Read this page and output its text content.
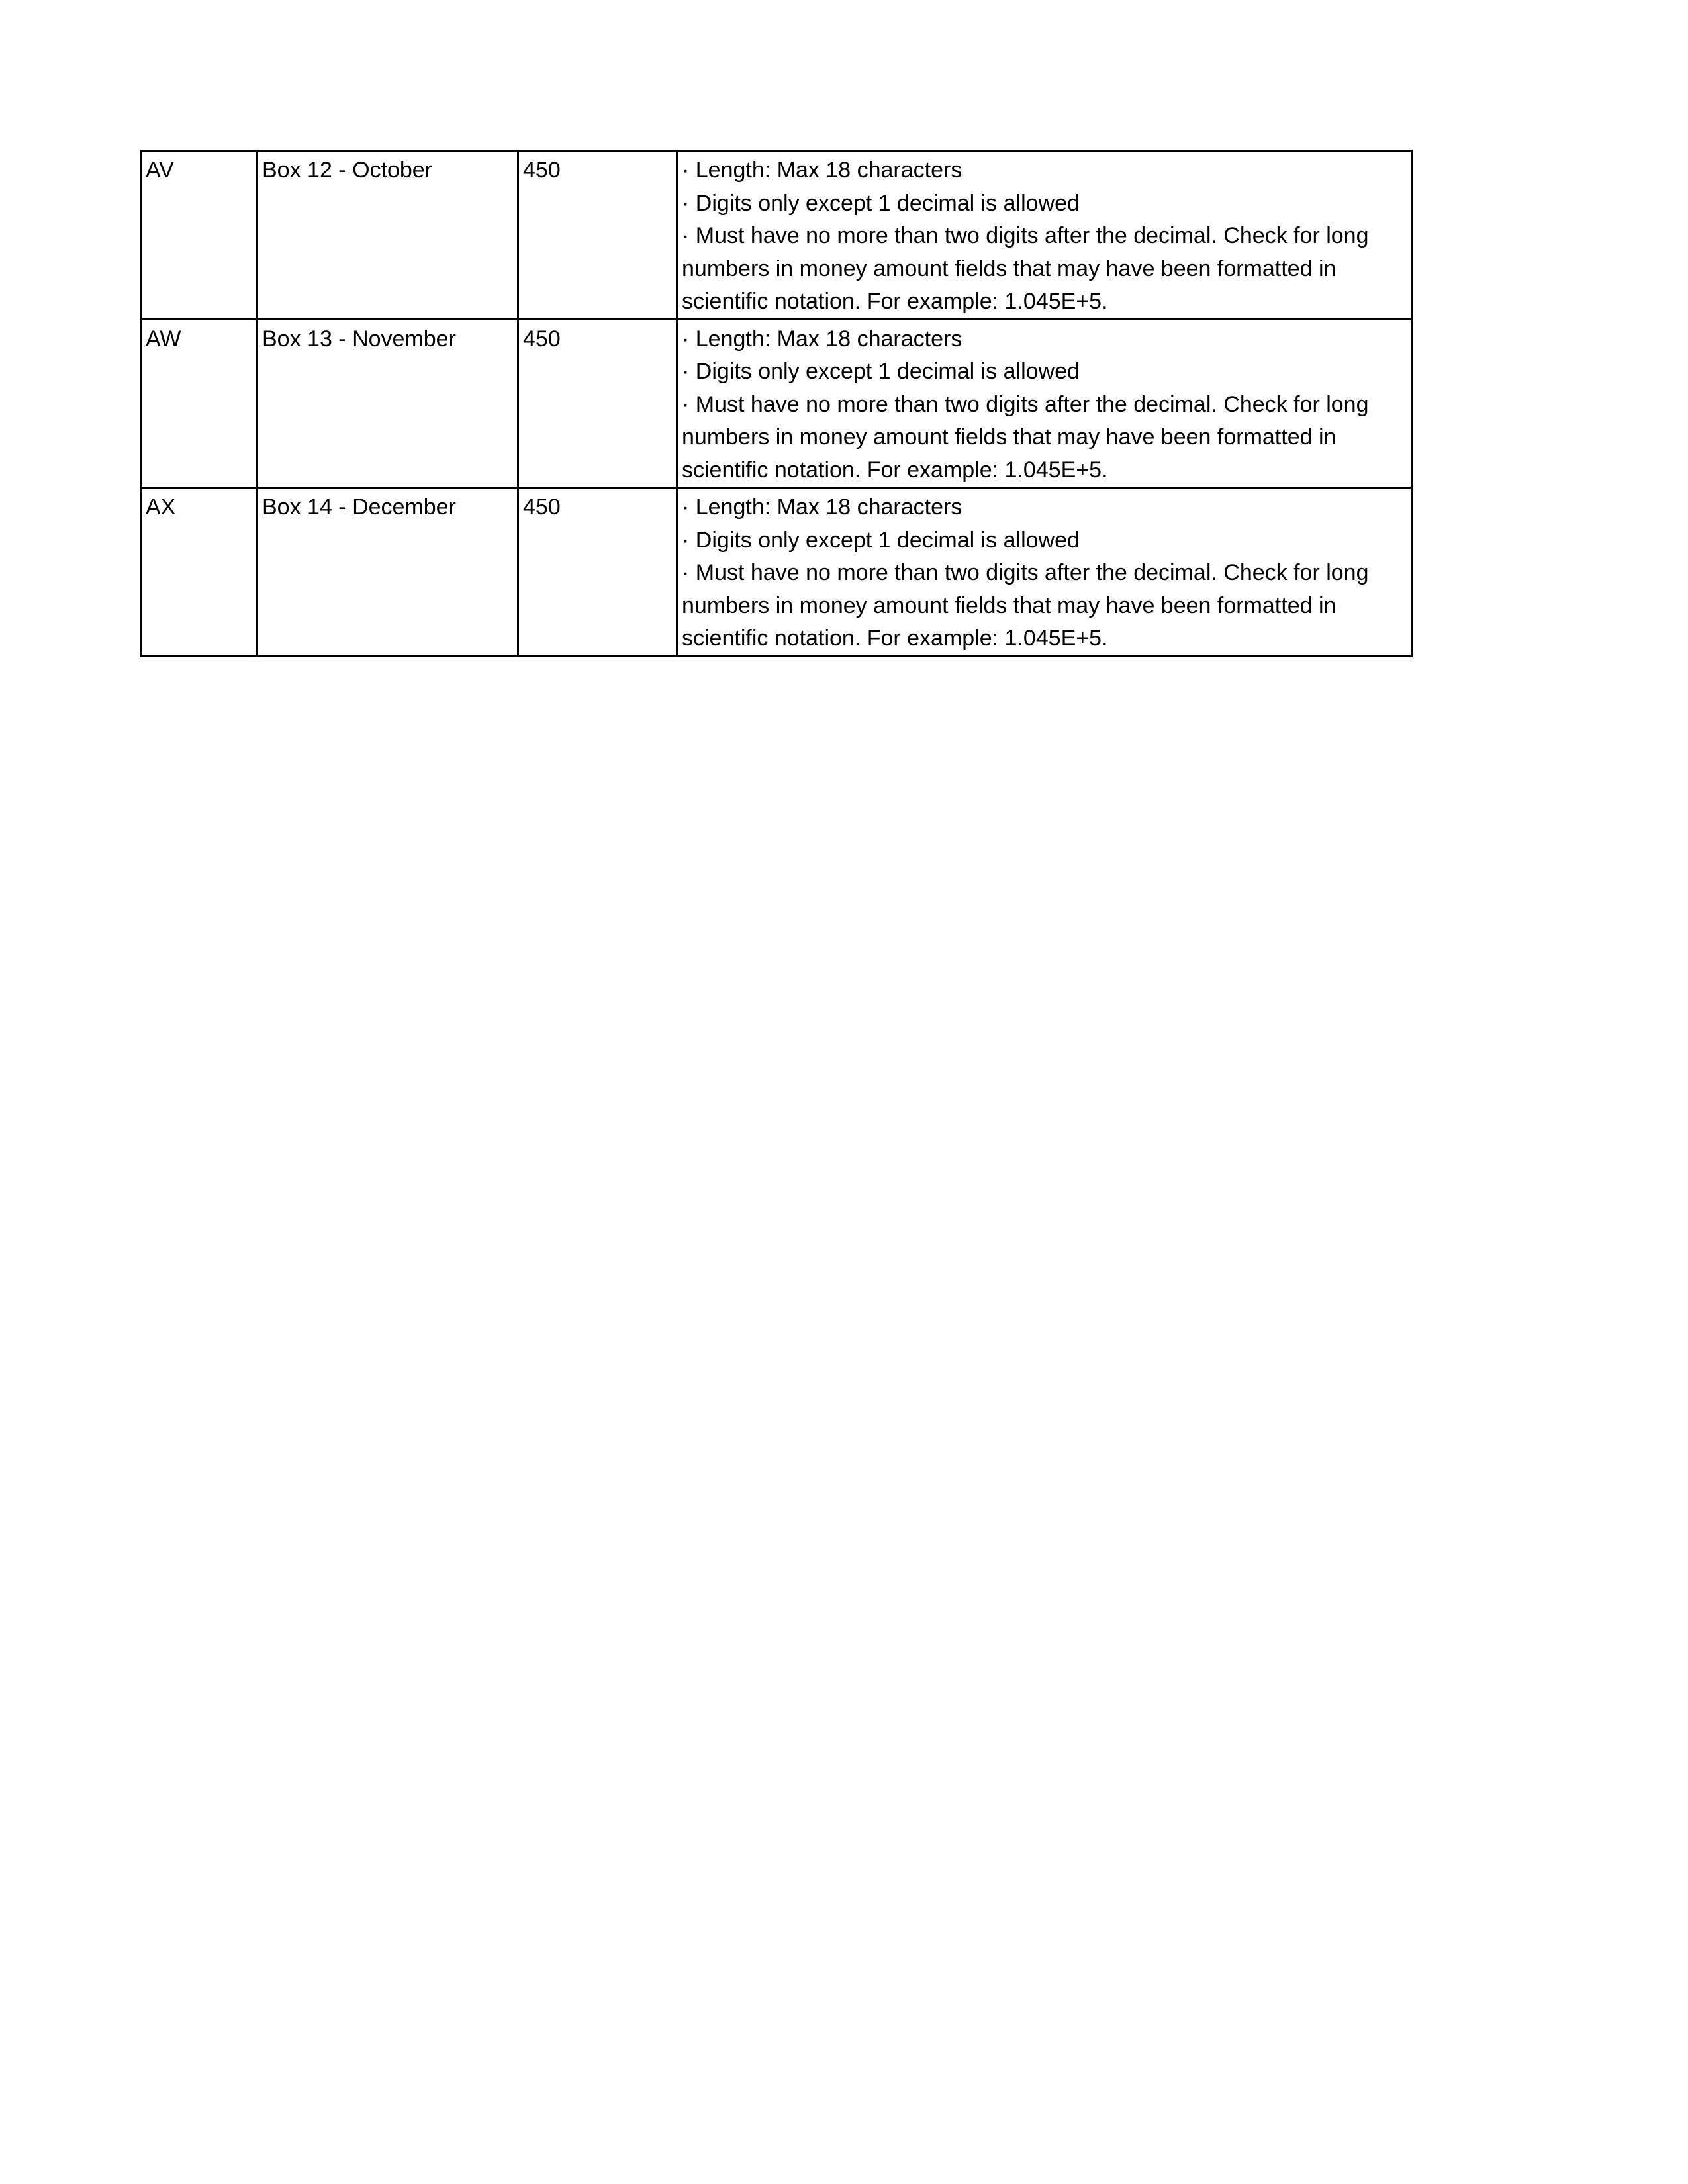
AV	Box 12 - October	450	· Length: Max 18 characters
· Digits only except 1 decimal is allowed
· Must have no more than two digits after the decimal. Check for long numbers in money amount fields that may have been formatted in scientific notation. For example: 1.045E+5.

AW	Box 13 - November	450	· Length: Max 18 characters
· Digits only except 1 decimal is allowed
· Must have no more than two digits after the decimal. Check for long numbers in money amount fields that may have been formatted in scientific notation. For example: 1.045E+5.

AX	Box 14 - December	450	· Length: Max 18 characters
· Digits only except 1 decimal is allowed
· Must have no more than two digits after the decimal. Check for long numbers in money amount fields that may have been formatted in scientific notation. For example: 1.045E+5.
